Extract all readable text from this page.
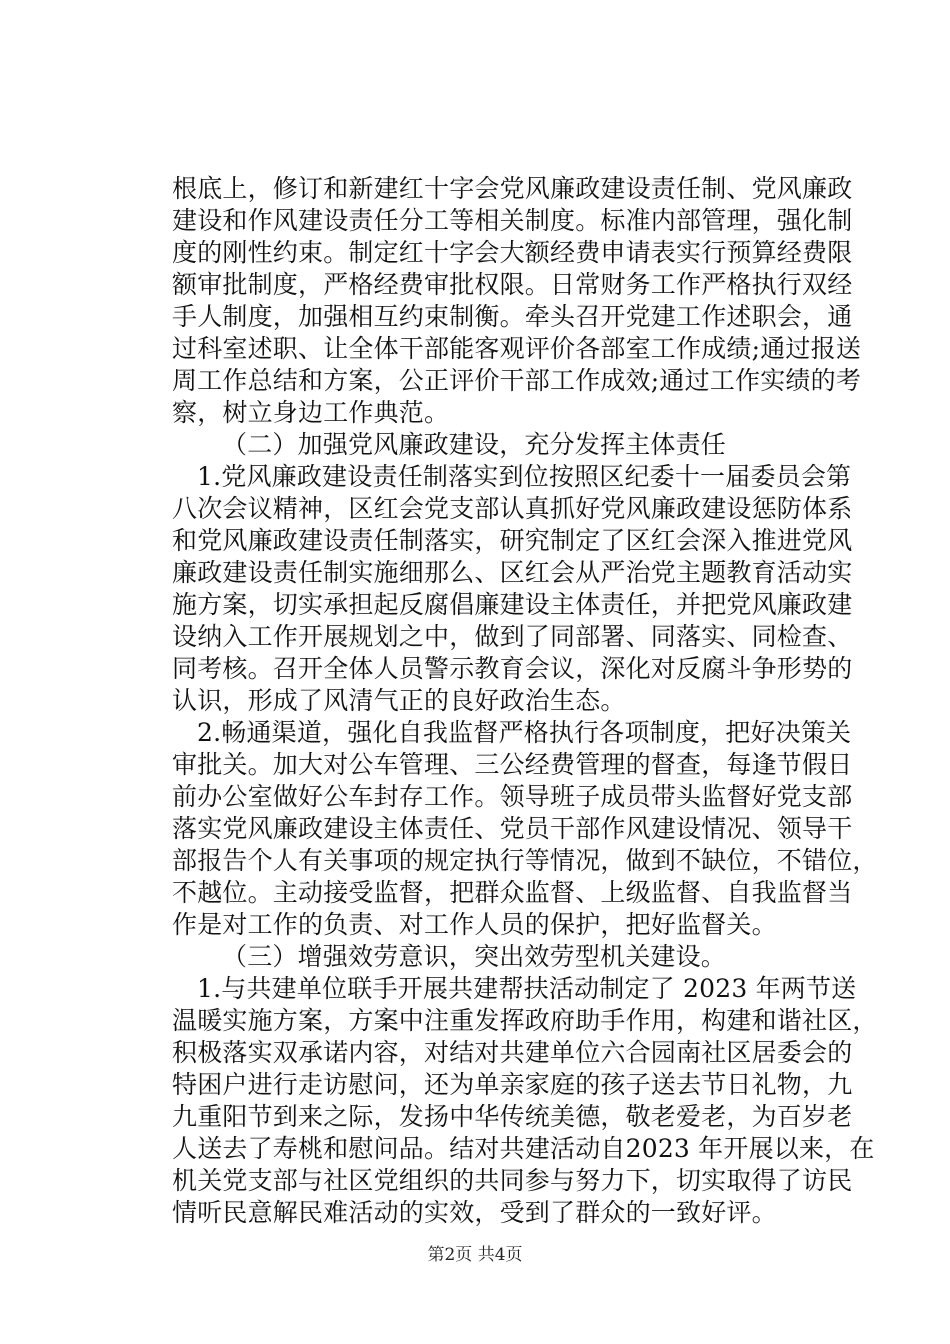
根底上，修订和新建红十字会党风廉政建设责任制、党风廉政
建设和作风建设责任分工等相关制度。标准内部管理，强化制
度的刚性约束。制定红十字会大额经费申请表实行预算经费限
额审批制度，严格经费审批权限。日常财务工作严格执行双经
手人制度，加强相互约束制衡。牵头召开党建工作述职会，通
过科室述职、让全体干部能客观评价各部室工作成绩;通过报送
周工作总结和方案，公正评价干部工作成效;通过工作实绩的考
察，树立身边工作典范。
（二）加强党风廉政建设，充分发挥主体责任
1.党风廉政建设责任制落实到位按照区纪委十一届委员会第
八次会议精神，区红会党支部认真抓好党风廉政建设惩防体系
和党风廉政建设责任制落实，研究制定了区红会深入推进党风
廉政建设责任制实施细那么、区红会从严治党主题教育活动实
施方案，切实承担起反腐倡廉建设主体责任，并把党风廉政建
设纳入工作开展规划之中，做到了同部署、同落实、同检查、
同考核。召开全体人员警示教育会议，深化对反腐斗争形势的
认识，形成了风清气正的良好政治生态。
2.畅通渠道，强化自我监督严格执行各项制度，把好决策关
审批关。加大对公车管理、三公经费管理的督查，每逢节假日
前办公室做好公车封存工作。领导班子成员带头监督好党支部
落实党风廉政建设主体责任、党员干部作风建设情况、领导干
部报告个人有关事项的规定执行等情况，做到不缺位，不错位，
不越位。主动接受监督，把群众监督、上级监督、自我监督当
作是对工作的负责、对工作人员的保护，把好监督关。
（三）增强效劳意识，突出效劳型机关建设。
1.与共建单位联手开展共建帮扶活动制定了 2023 年两节送
温暖实施方案，方案中注重发挥政府助手作用，构建和谐社区，
积极落实双承诺内容，对结对共建单位六合园南社区居委会的
特困户进行走访慰问，还为单亲家庭的孩子送去节日礼物，九
九重阳节到来之际，发扬中华传统美德，敬老爱老，为百岁老
人送去了寿桃和慰问品。结对共建活动自2023 年开展以来，在
机关党支部与社区党组织的共同参与努力下，切实取得了访民
情听民意解民难活动的实效，受到了群众的一致好评。
第2页 共4页
